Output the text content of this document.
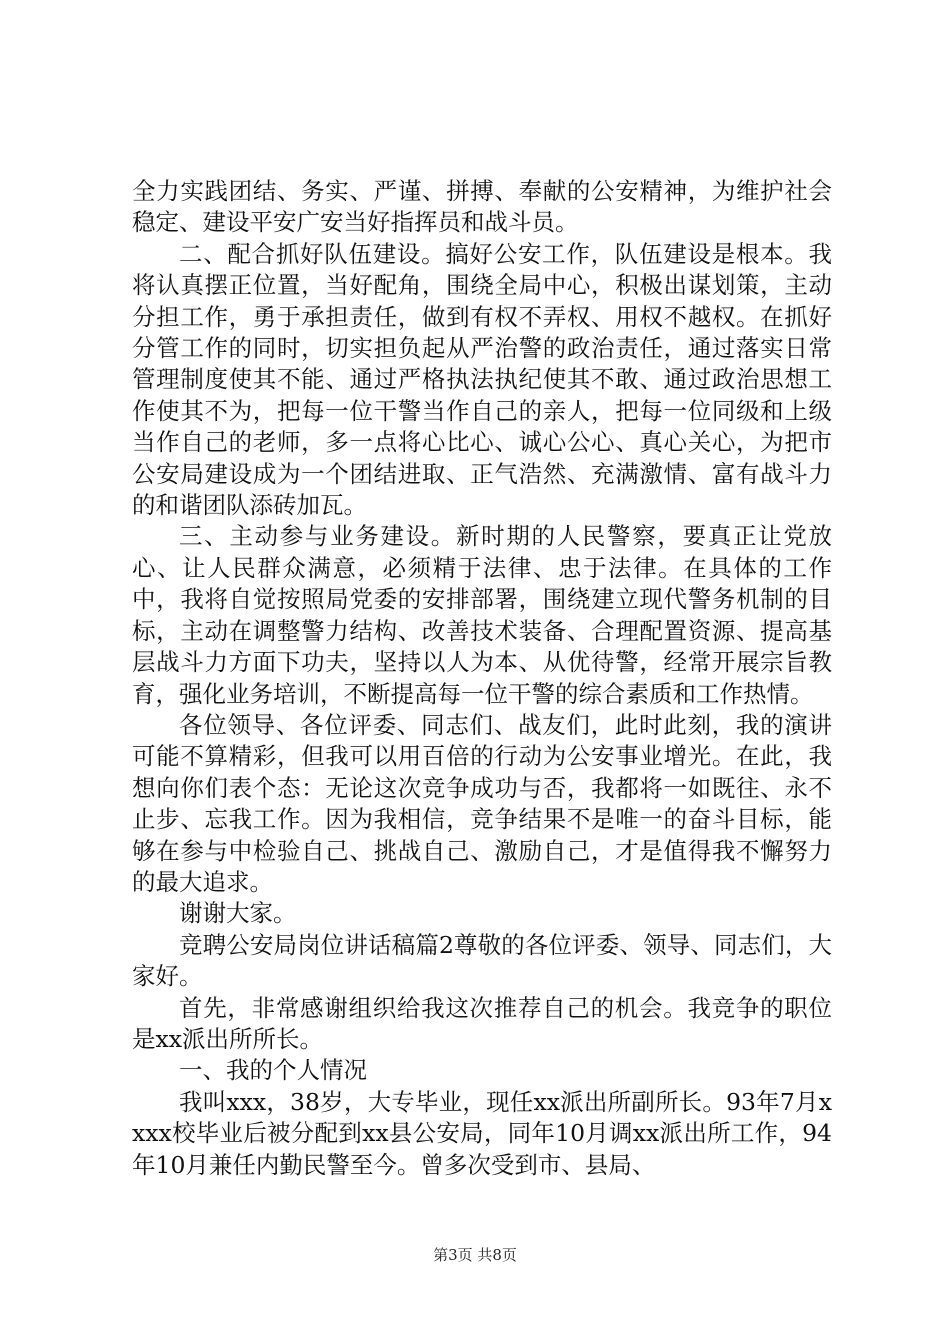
全力实践团结、务实、严谨、拼搏、奉献的公安精神，为维护社会稳定、建设平安广安当好指挥员和战斗员。

二、配合抓好队伍建设。搞好公安工作，队伍建设是根本。我将认真摆正位置，当好配角，围绕全局中心，积极出谋划策，主动分担工作，勇于承担责任，做到有权不弄权、用权不越权。在抓好分管工作的同时，切实担负起从严治警的政治责任，通过落实日常管理制度使其不能、通过严格执法执纪使其不敢、通过政治思想工作使其不为，把每一位干警当作自己的亲人，把每一位同级和上级当作自己的老师，多一点将心比心、诚心公心、真心关心，为把市公安局建设成为一个团结进取、正气浩然、充满激情、富有战斗力的和谐团队添砖加瓦。

三、主动参与业务建设。新时期的人民警察，要真正让党放心、让人民群众满意，必须精于法律、忠于法律。在具体的工作中，我将自觉按照局党委的安排部署，围绕建立现代警务机制的目标，主动在调整警力结构、改善技术装备、合理配置资源、提高基层战斗力方面下功夫，坚持以人为本、从优待警，经常开展宗旨教育，强化业务培训，不断提高每一位干警的综合素质和工作热情。

各位领导、各位评委、同志们、战友们，此时此刻，我的演讲可能不算精彩，但我可以用百倍的行动为公安事业增光。在此，我想向你们表个态：无论这次竞争成功与否，我都将一如既往、永不止步、忘我工作。因为我相信，竞争结果不是唯一的奋斗目标，能够在参与中检验自己、挑战自己、激励自己，才是值得我不懈努力的最大追求。

谢谢大家。

竞聘公安局岗位讲话稿篇2尊敬的各位评委、领导、同志们，大家好。

首先，非常感谢组织给我这次推荐自己的机会。我竞争的职位是xx派出所所长。

一、我的个人情况

我叫xxx，38岁，大专毕业，现任xx派出所副所长。93年7月xxxx校毕业后被分配到xx县公安局，同年10月调xx派出所工作，94年10月兼任内勤民警至今。曾多次受到市、县局、

第3页 共8页
